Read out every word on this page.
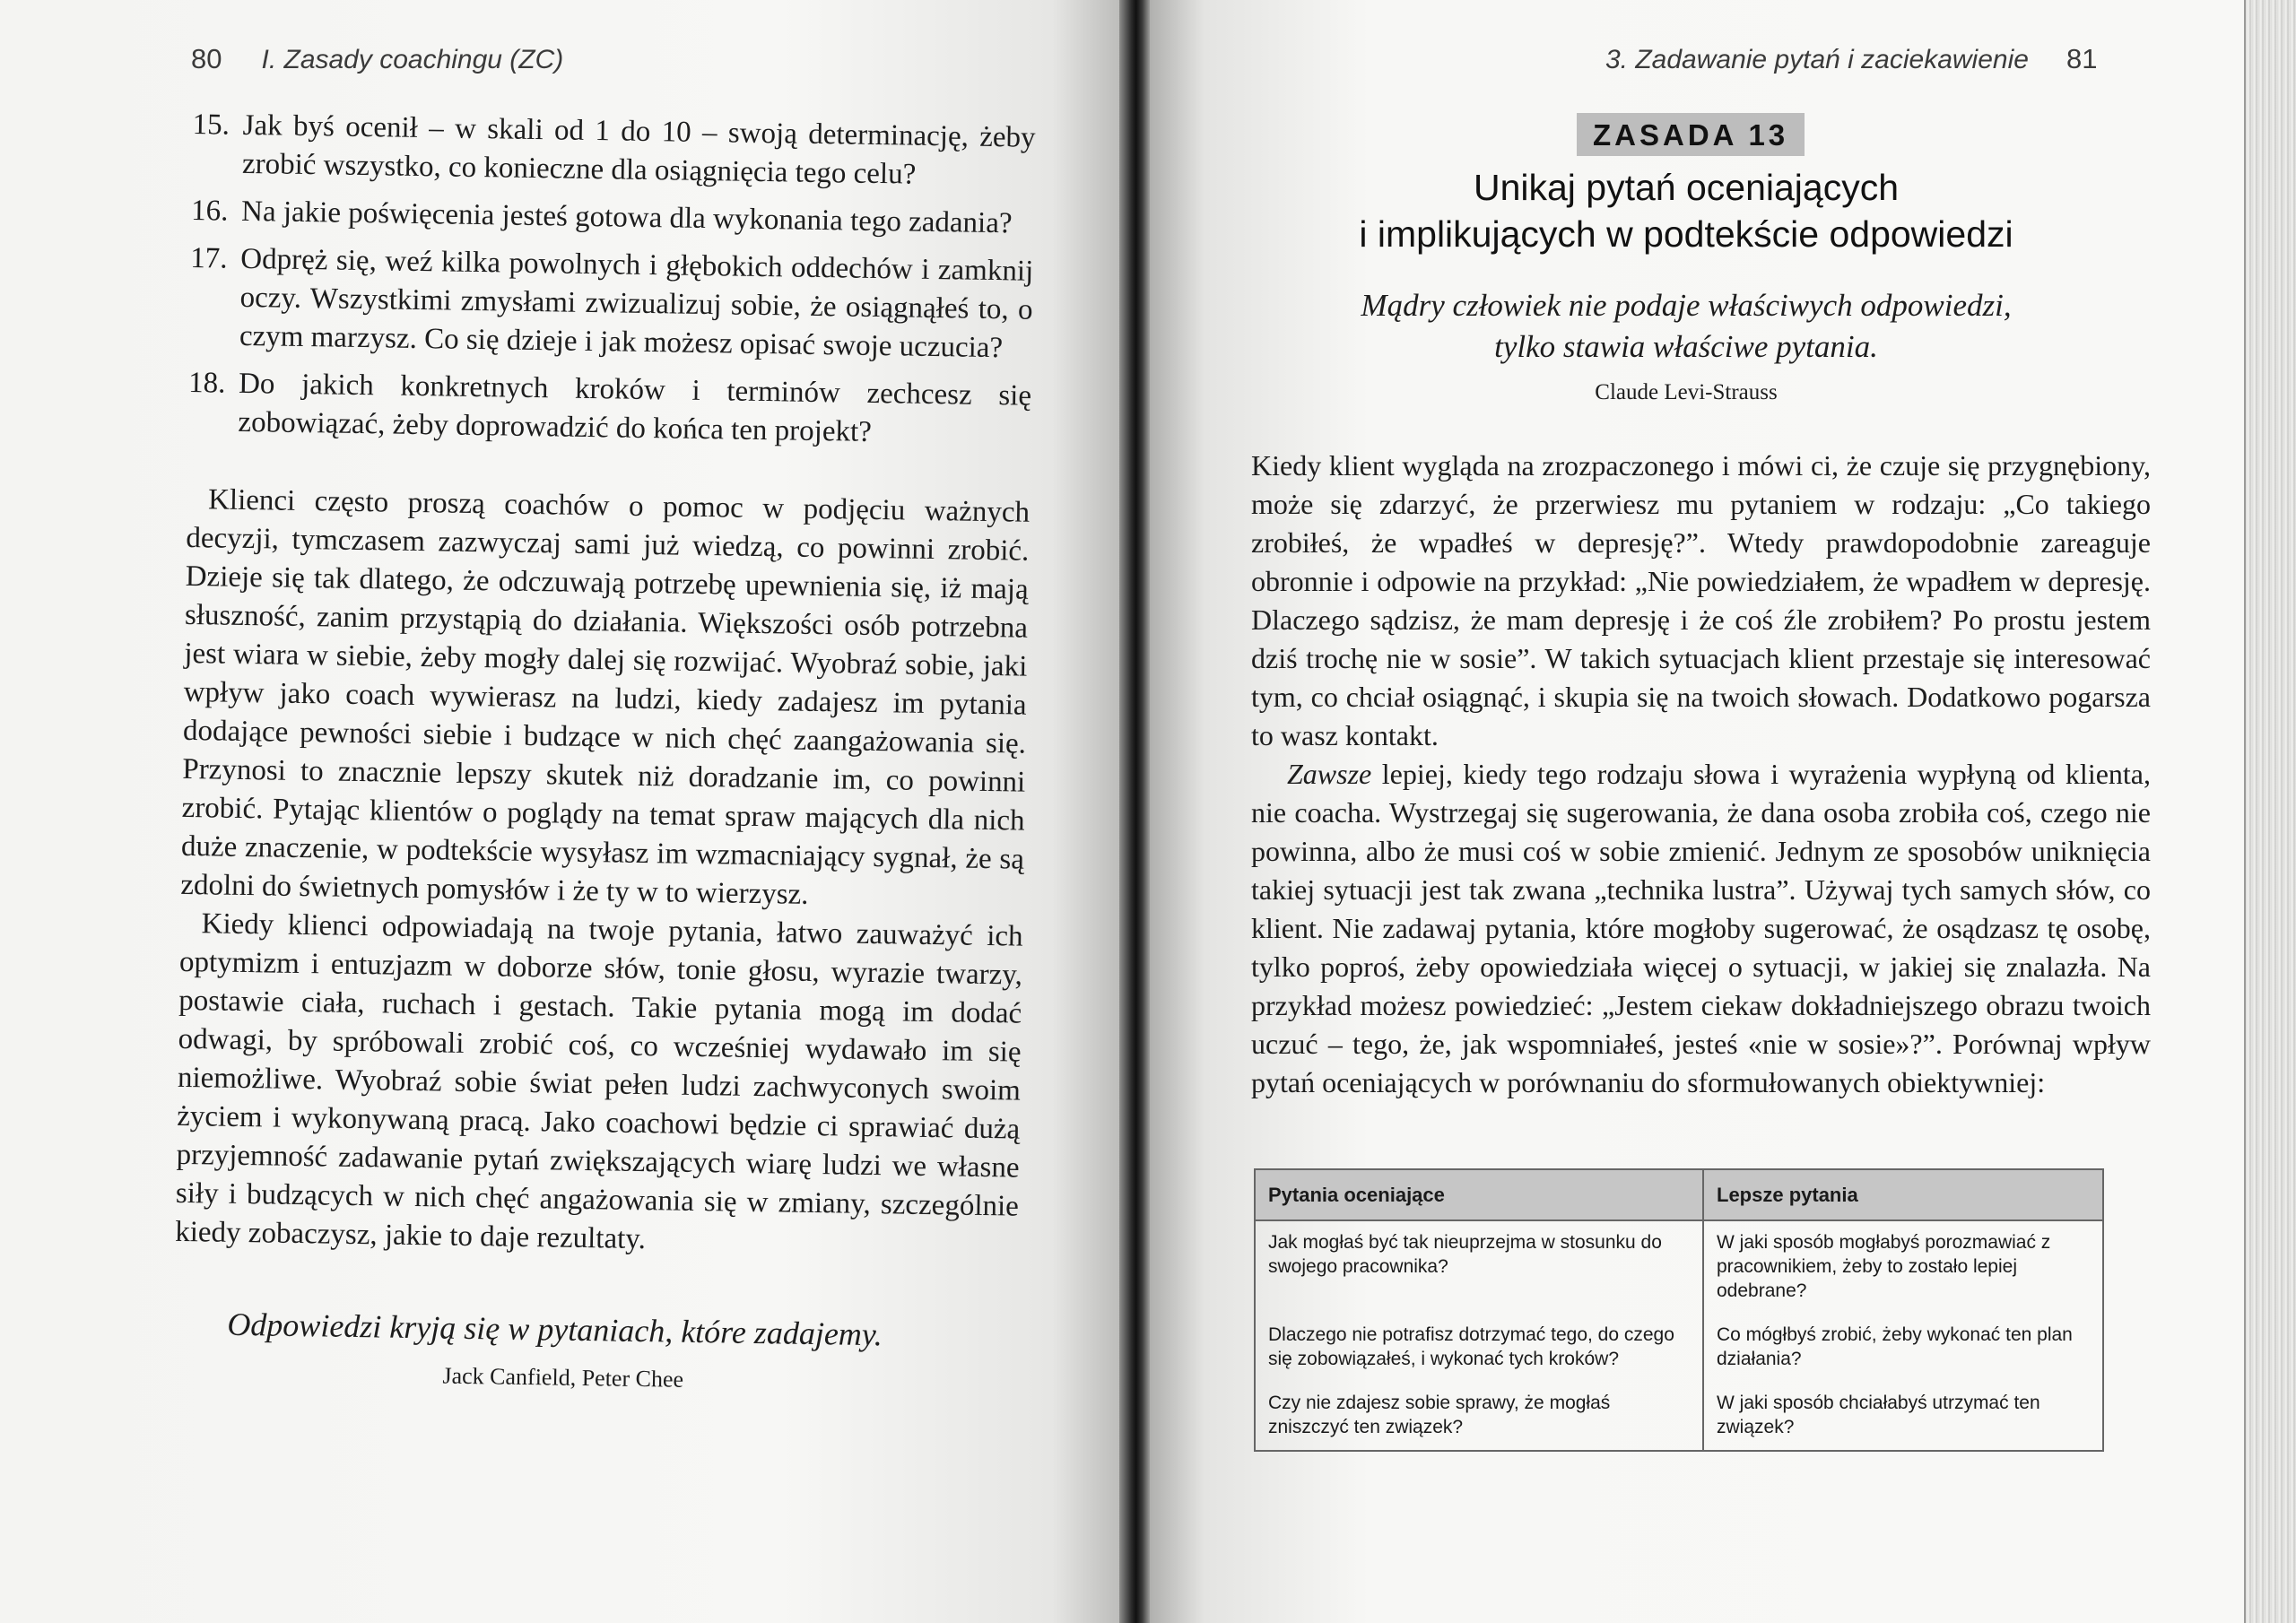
80 I. Zasady coachingu (ZC)
15. Jak byś ocenił – w skali od 1 do 10 – swoją determinację, żeby zrobić wszystko, co konieczne dla osiągnięcia tego celu?
16. Na jakie poświęcenia jesteś gotowa dla wykonania tego zadania?
17. Odpręż się, weź kilka powolnych i głębokich oddechów i zamknij oczy. Wszystkimi zmysłami zwizualizuj sobie, że osiągnąłeś to, o czym marzysz. Co się dzieje i jak możesz opisać swoje uczucia?
18. Do jakich konkretnych kroków i terminów zechcesz się zobowiązać, żeby doprowadzić do końca ten projekt?

Klienci często proszą coachów o pomoc w podjęciu ważnych decyzji, tymczasem zazwyczaj sami już wiedzą, co powinni zrobić. Dzieje się tak dlatego, że odczuwają potrzebę upewnienia się, iż mają słuszność, zanim przystąpią do działania. Większości osób potrzebna jest wiara w siebie, żeby mogły dalej się rozwijać. Wyobraź sobie, jaki wpływ jako coach wywierasz na ludzi, kiedy zadajesz im pytania dodające pewności siebie i budzące w nich chęć zaangażowania się. Przynosi to znacznie lepszy skutek niż doradzanie im, co powinni zrobić. Pytając klientów o poglądy na temat spraw mających dla nich duże znaczenie, w podtekście wysyłasz im wzmacniający sygnał, że są zdolni do świetnych pomysłów i że ty w to wierzysz.

Kiedy klienci odpowiadają na twoje pytania, łatwo zauważyć ich optymizm i entuzjazm w doborze słów, tonie głosu, wyrazie twarzy, postawie ciała, ruchach i gestach. Takie pytania mogą im dodać odwagi, by spróbowali zrobić coś, co wcześniej wydawało im się niemożliwe. Wyobraź sobie świat pełen ludzi zachwyconych swoim życiem i wykonywaną pracą. Jako coachowi będzie ci sprawiać dużą przyjemność zadawanie pytań zwiększających wiarę ludzi we własne siły i budzących w nich chęć angażowania się w zmiany, szczególnie kiedy zobaczysz, jakie to daje rezultaty.

Odpowiedzi kryją się w pytaniach, które zadajemy.
Jack Canfield, Peter Chee
3. Zadawanie pytań i zaciekawienie 81
ZASADA 13
Unikaj pytań oceniających
i implikujących w podtekście odpowiedzi
Mądry człowiek nie podaje właściwych odpowiedzi,
tylko stawia właściwe pytania.
Claude Levi-Strauss

Kiedy klient wygląda na zrozpaczonego i mówi ci, że czuje się przygnębiony, może się zdarzyć, że przerwiesz mu pytaniem w rodzaju: „Co takiego zrobiłeś, że wpadłeś w depresję?”. Wtedy prawdopodobnie zareaguje obronnie i odpowie na przykład: „Nie powiedziałem, że wpadłem w depresję. Dlaczego sądzisz, że mam depresję i że coś źle zrobiłem? Po prostu jestem dziś trochę nie w sosie”. W takich sytuacjach klient przestaje się interesować tym, co chciał osiągnąć, i skupia się na twoich słowach. Dodatkowo pogarsza to wasz kontakt.

Zawsze lepiej, kiedy tego rodzaju słowa i wyrażenia wypłyną od klienta, nie coacha. Wystrzegaj się sugerowania, że dana osoba zrobiła coś, czego nie powinna, albo że musi coś w sobie zmienić. Jednym ze sposobów uniknięcia takiej sytuacji jest tak zwana „technika lustra”. Używaj tych samych słów, co klient. Nie zadawaj pytania, które mogłoby sugerować, że osądzasz tę osobę, tylko poproś, żeby opowiedziała więcej o sytuacji, w jakiej się znalazła. Na przykład możesz powiedzieć: „Jestem ciekaw dokładniejszego obrazu twoich uczuć – tego, że, jak wspomniałeś, jesteś «nie w sosie»?”. Porównaj wpływ pytań oceniających w porównaniu do sformułowanych obiektywniej:

Pytania oceniające	Lepsze pytania
Jak mogłaś być tak nieuprzejma w stosunku do swojego pracownika?	W jaki sposób mogłabyś porozmawiać z pracownikiem, żeby to zostało lepiej odebrane?
Dlaczego nie potrafisz dotrzymać tego, do czego się zobowiązałeś, i wykonać tych kroków?	Co mógłbyś zrobić, żeby wykonać ten plan działania?
Czy nie zdajesz sobie sprawy, że mogłaś zniszczyć ten związek?	W jaki sposób chciałabyś utrzymać ten związek?
